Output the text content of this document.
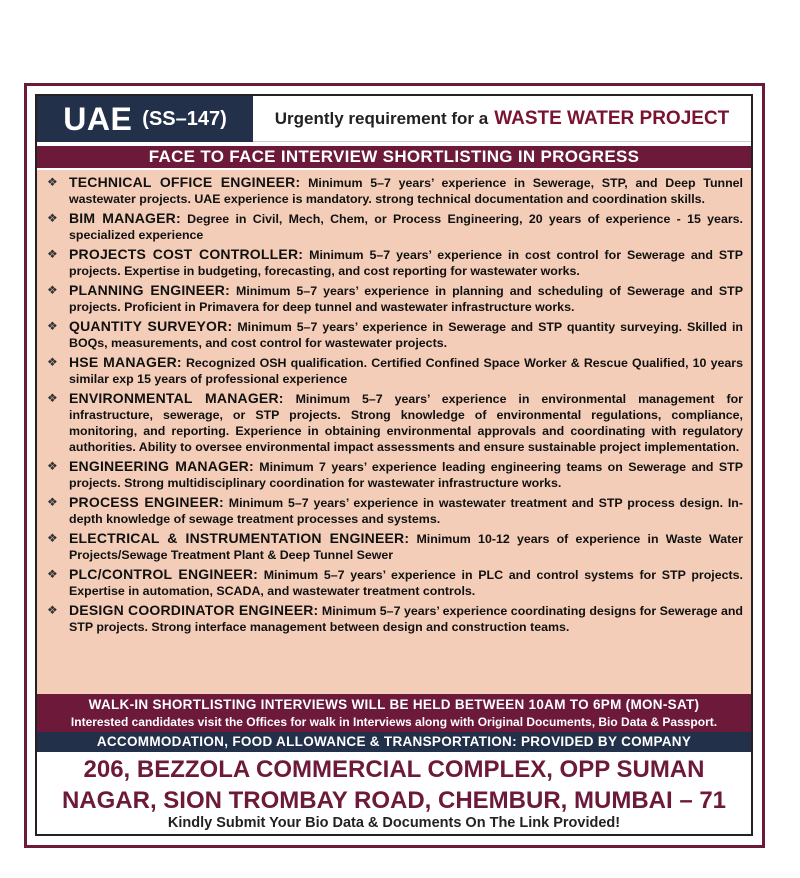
UAE (SS–147)	Urgently requirement for a WASTE WATER PROJECT
FACE TO FACE INTERVIEW SHORTLISTING IN PROGRESS
❖ TECHNICAL OFFICE ENGINEER: Minimum 5–7 years’ experience in Sewerage, STP, and Deep Tunnel wastewater projects. UAE experience is mandatory. strong technical documentation and coordination skills.
❖ BIM MANAGER: Degree in Civil, Mech, Chem, or Process Engineering, 20 years of experience - 15 years. specialized experience
❖ PROJECTS COST CONTROLLER: Minimum 5–7 years’ experience in cost control for Sewerage and STP projects. Expertise in budgeting, forecasting, and cost reporting for wastewater works.
❖ PLANNING ENGINEER: Minimum 5–7 years’ experience in planning and scheduling of Sewerage and STP projects. Proficient in Primavera for deep tunnel and wastewater infrastructure works.
❖ QUANTITY SURVEYOR: Minimum 5–7 years’ experience in Sewerage and STP quantity surveying. Skilled in BOQs, measurements, and cost control for wastewater projects.
❖ HSE MANAGER: Recognized OSH qualification. Certified Confined Space Worker & Rescue Qualified, 10 years similar exp 15 years of professional experience
❖ ENVIRONMENTAL MANAGER: Minimum 5–7 years’ experience in environmental management for infrastructure, sewerage, or STP projects. Strong knowledge of environmental regulations, compliance, monitoring, and reporting. Experience in obtaining environmental approvals and coordinating with regulatory authorities. Ability to oversee environmental impact assessments and ensure sustainable project implementation.
❖ ENGINEERING MANAGER: Minimum 7 years’ experience leading engineering teams on Sewerage and STP projects. Strong multidisciplinary coordination for wastewater infrastructure works.
❖ PROCESS ENGINEER: Minimum 5–7 years’ experience in wastewater treatment and STP process design. In-depth knowledge of sewage treatment processes and systems.
❖ ELECTRICAL & INSTRUMENTATION ENGINEER: Minimum 10-12 years of experience in Waste Water Projects/Sewage Treatment Plant & Deep Tunnel Sewer
❖ PLC/CONTROL ENGINEER: Minimum 5–7 years’ experience in PLC and control systems for STP projects. Expertise in automation, SCADA, and wastewater treatment controls.
❖ DESIGN COORDINATOR ENGINEER: Minimum 5–7 years’ experience coordinating designs for Sewerage and STP projects. Strong interface management between design and construction teams.
WALK-IN SHORTLISTING INTERVIEWS WILL BE HELD BETWEEN 10AM TO 6PM (MON-SAT)
Interested candidates visit the Offices for walk in Interviews along with Original Documents, Bio Data & Passport.
ACCOMMODATION, FOOD ALLOWANCE & TRANSPORTATION: PROVIDED BY COMPANY
206, BEZZOLA COMMERCIAL COMPLEX, OPP SUMAN
NAGAR, SION TROMBAY ROAD, CHEMBUR, MUMBAI – 71
Kindly Submit Your Bio Data & Documents On The Link Provided!
